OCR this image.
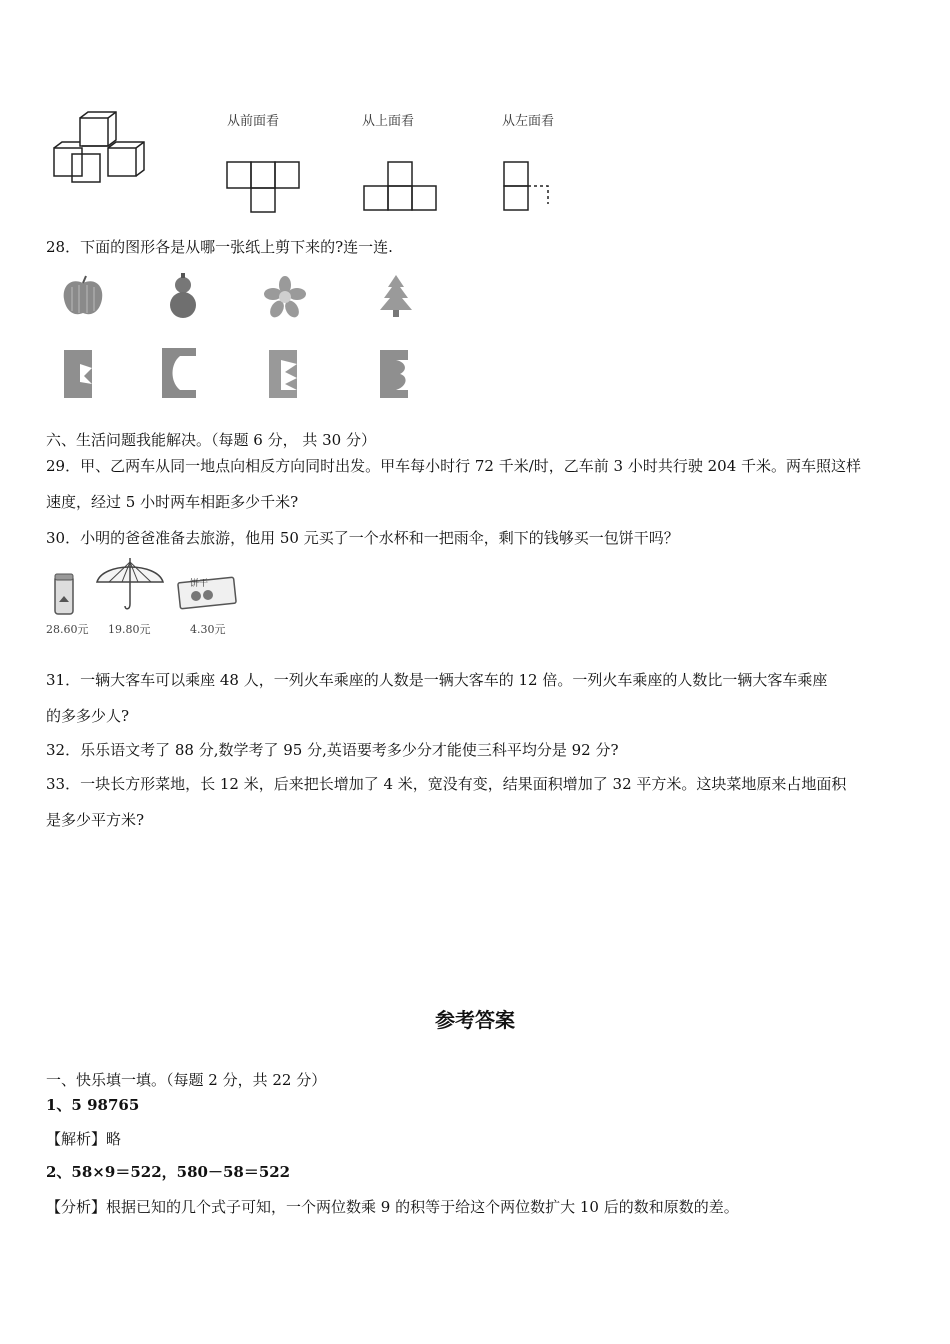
从前面看	从上面看	从左面看
28．下面的图形各是从哪一张纸上剪下来的?连一连.
六、生活问题我能解决。（每题 6 分， 共 30 分）
29．甲、乙两车从同一地点向相反方向同时出发。甲车每小时行 72 千米/时，乙车前 3 小时共行驶 204 千米。两车照这样
速度，经过 5 小时两车相距多少千米?
30．小明的爸爸准备去旅游，他用 50 元买了一个水杯和一把雨伞，剩下的钱够买一包饼干吗？
28.60元 19.80元
饼干
4.30元
31．一辆大客车可以乘座 48 人，一列火车乘座的人数是一辆大客车的 12 倍。一列火车乘座的人数比一辆大客车乘座
的多多少人?
32．乐乐语文考了 88 分,数学考了 95 分,英语要考多少分才能使三科平均分是 92 分?
33．一块长方形菜地，长 12 米，后来把长增加了 4 米，宽没有变，结果面积增加了 32 平方米。这块菜地原来占地面积
是多少平方米?
参考答案
一、快乐填一填。（每题 2 分，共 22 分）
1、5 98765
【解析】略
2、58×9＝522，580－58＝522
【分析】根据已知的几个式子可知，一个两位数乘 9 的积等于给这个两位数扩大 10 后的数和原数的差。
